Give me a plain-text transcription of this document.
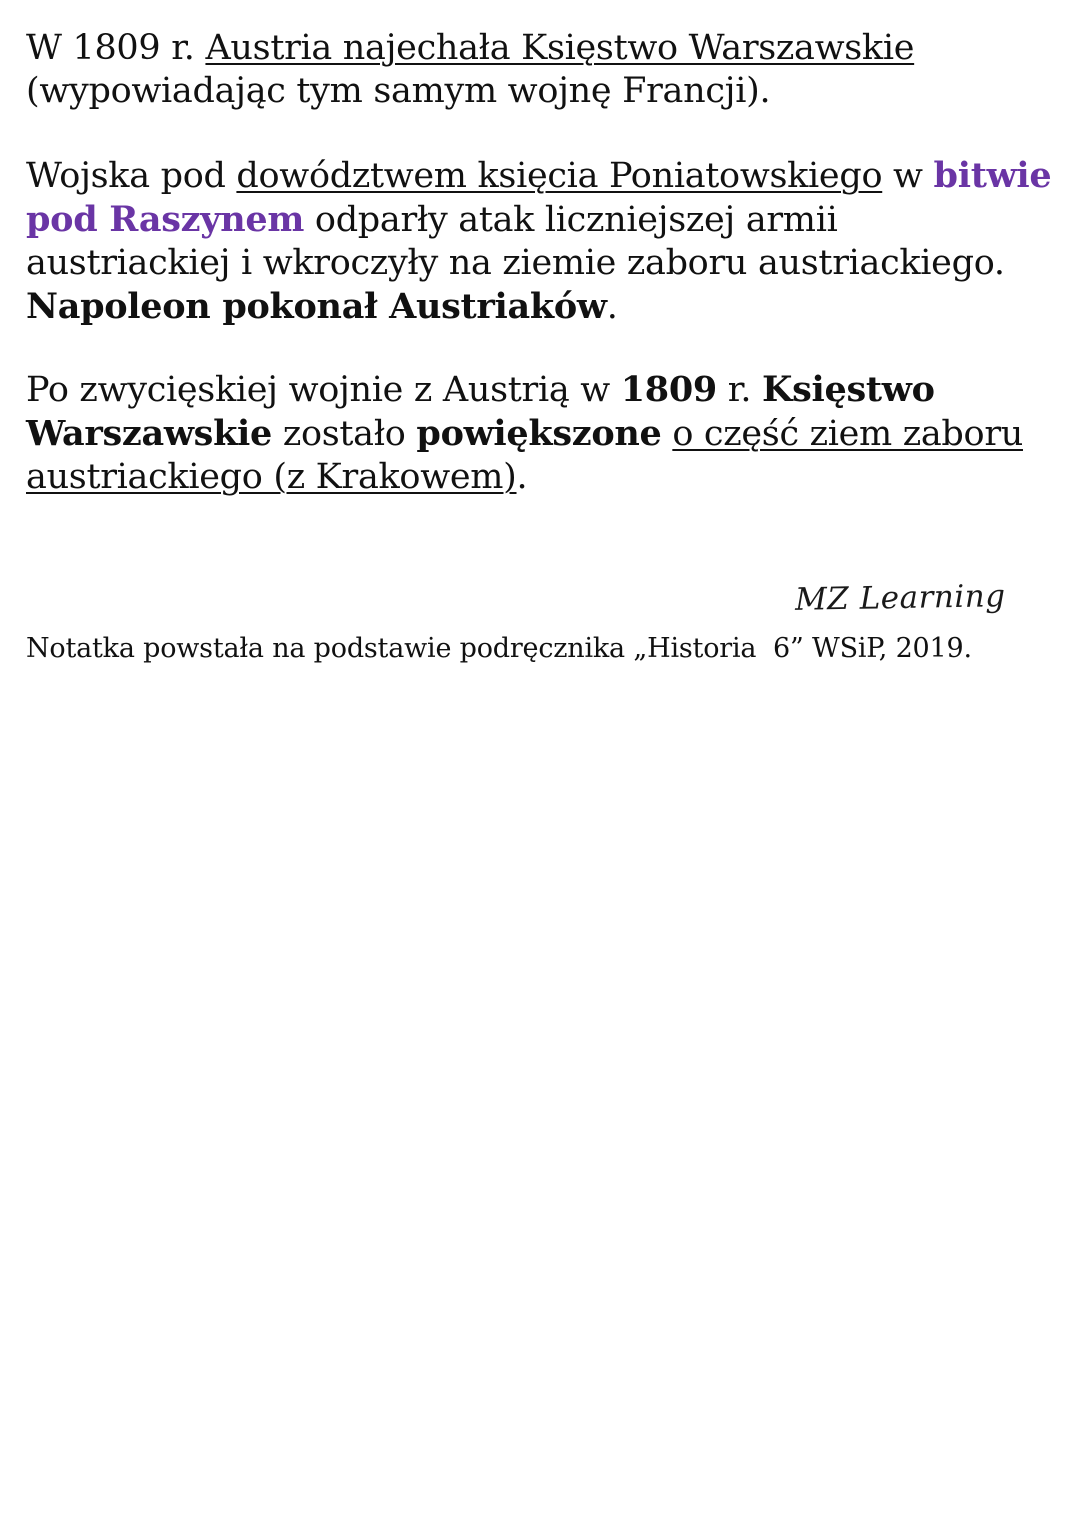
W 1809 r. Austria najechała Księstwo Warszawskie
(wypowiadając tym samym wojnę Francji).

Wojska pod dowództwem księcia Poniatowskiego w bitwie
pod Raszynem odparły atak liczniejszej armii
austriackiej i wkroczyły na ziemie zaboru austriackiego.
Napoleon pokonał Austriaków.

Po zwycięskiej wojnie z Austrią w 1809 r. Księstwo
Warszawskie zostało powiększone o część ziem zaboru
austriackiego (z Krakowem).

MZ Learning
Notatka powstała na podstawie podręcznika „Historia  6” WSiP, 2019.
